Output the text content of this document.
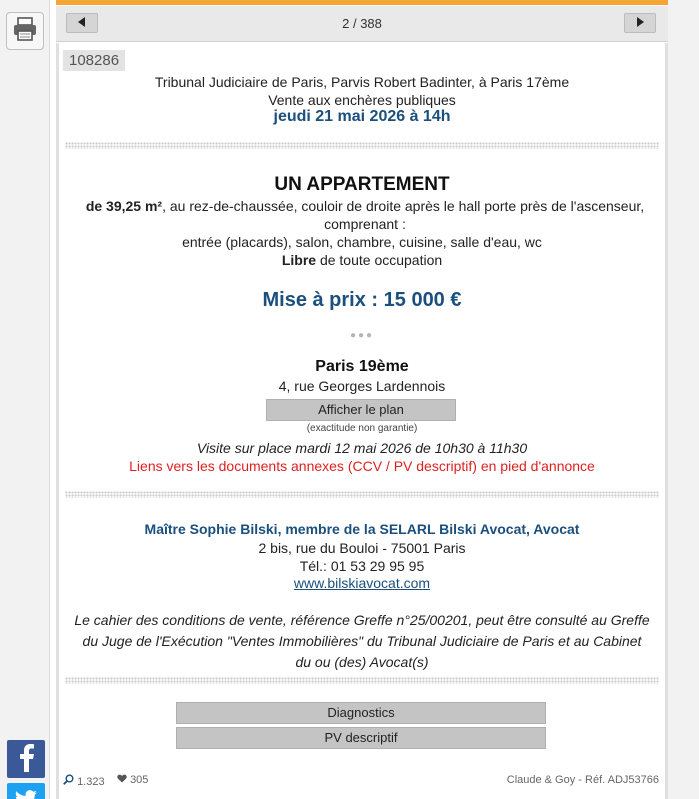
2 / 388
108286
Tribunal Judiciaire de Paris, Parvis Robert Badinter, à Paris 17ème
Vente aux enchères publiques
jeudi 21 mai 2026 à 14h
UN APPARTEMENT
de 39,25 m², au rez-de-chaussée, couloir de droite après le hall porte près de l'ascenseur, comprenant :
entrée (placards), salon, chambre, cuisine, salle d'eau, wc
Libre de toute occupation
Mise à prix : 15 000 €
●●●
Paris 19ème
4, rue Georges Lardennois
Afficher le plan
(exactitude non garantie)
Visite sur place mardi 12 mai 2026 de 10h30 à 11h30
Liens vers les documents annexes (CCV / PV descriptif) en pied d'annonce
Maître Sophie Bilski, membre de la SELARL Bilski Avocat, Avocat
2 bis, rue du Bouloi - 75001 Paris
Tél.: 01 53 29 95 95
www.bilskiavocat.com
Le cahier des conditions de vente, référence Greffe n°25/00201, peut être consulté au Greffe du Juge de l'Exécution "Ventes Immobilières" du Tribunal Judiciaire de Paris et au Cabinet du ou (des) Avocat(s)
Diagnostics
PV descriptif
1.323	305	Claude & Goy - Réf. ADJ53766
